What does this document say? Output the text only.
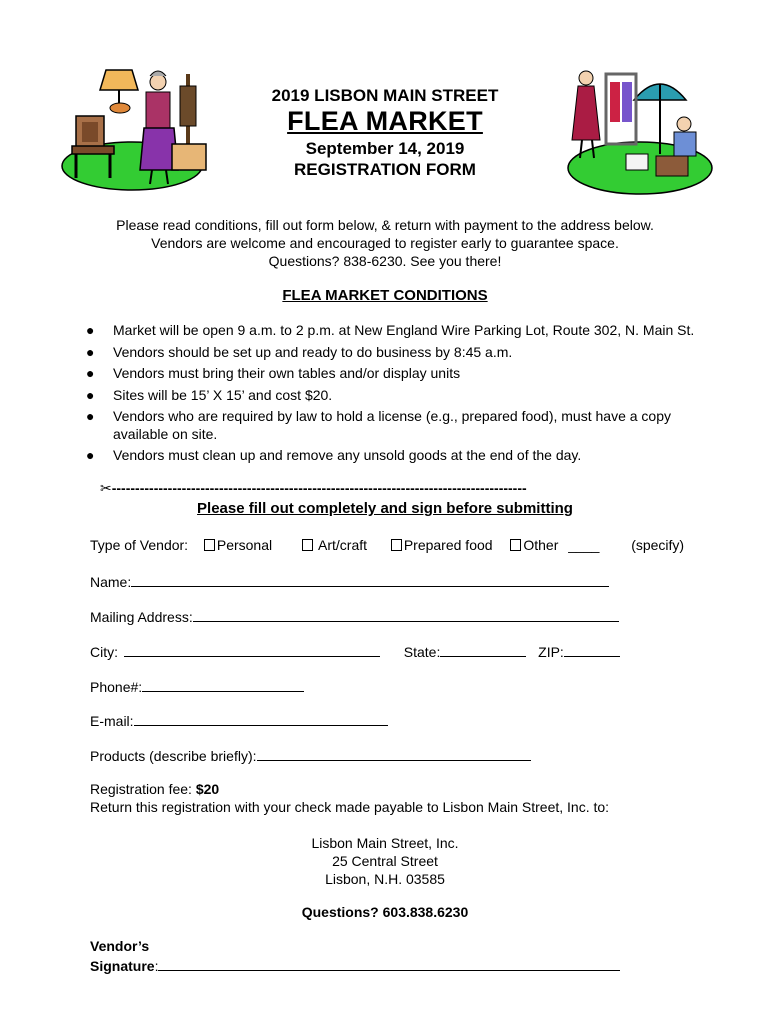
2019 LISBON MAIN STREET
FLEA MARKET
September 14, 2019
REGISTRATION FORM
Please read conditions, fill out form below, & return with payment to the address below.
Vendors are welcome and encouraged to register early to guarantee space.
Questions? 838-6230. See you there!
FLEA MARKET CONDITIONS
● Market will be open 9 a.m. to 2 p.m. at New England Wire Parking Lot, Route 302, N. Main St.
● Vendors should be set up and ready to do business by 8:45 a.m.
● Vendors must bring their own tables and/or display units
● Sites will be 15’ X 15’ and cost $20.
● Vendors who are required by law to hold a license (e.g., prepared food), must have a copy available on site.
● Vendors must clean up and remove any unsold goods at the end of the day.
✂-----------------------------------------------------------------------------------------
Please fill out completely and sign before submitting
Type of Vendor: Personal	Art/craft	Prepared food Other ____ (specify)
Name:
Mailing Address:
City:	State:	ZIP:
Phone#:
E-mail:
Products (describe briefly):
Registration fee: $20
Return this registration with your check made payable to Lisbon Main Street, Inc. to:
Lisbon Main Street, Inc.
25 Central Street
Lisbon, N.H. 03585
Questions? 603.838.6230
Vendor’s
Signature:
